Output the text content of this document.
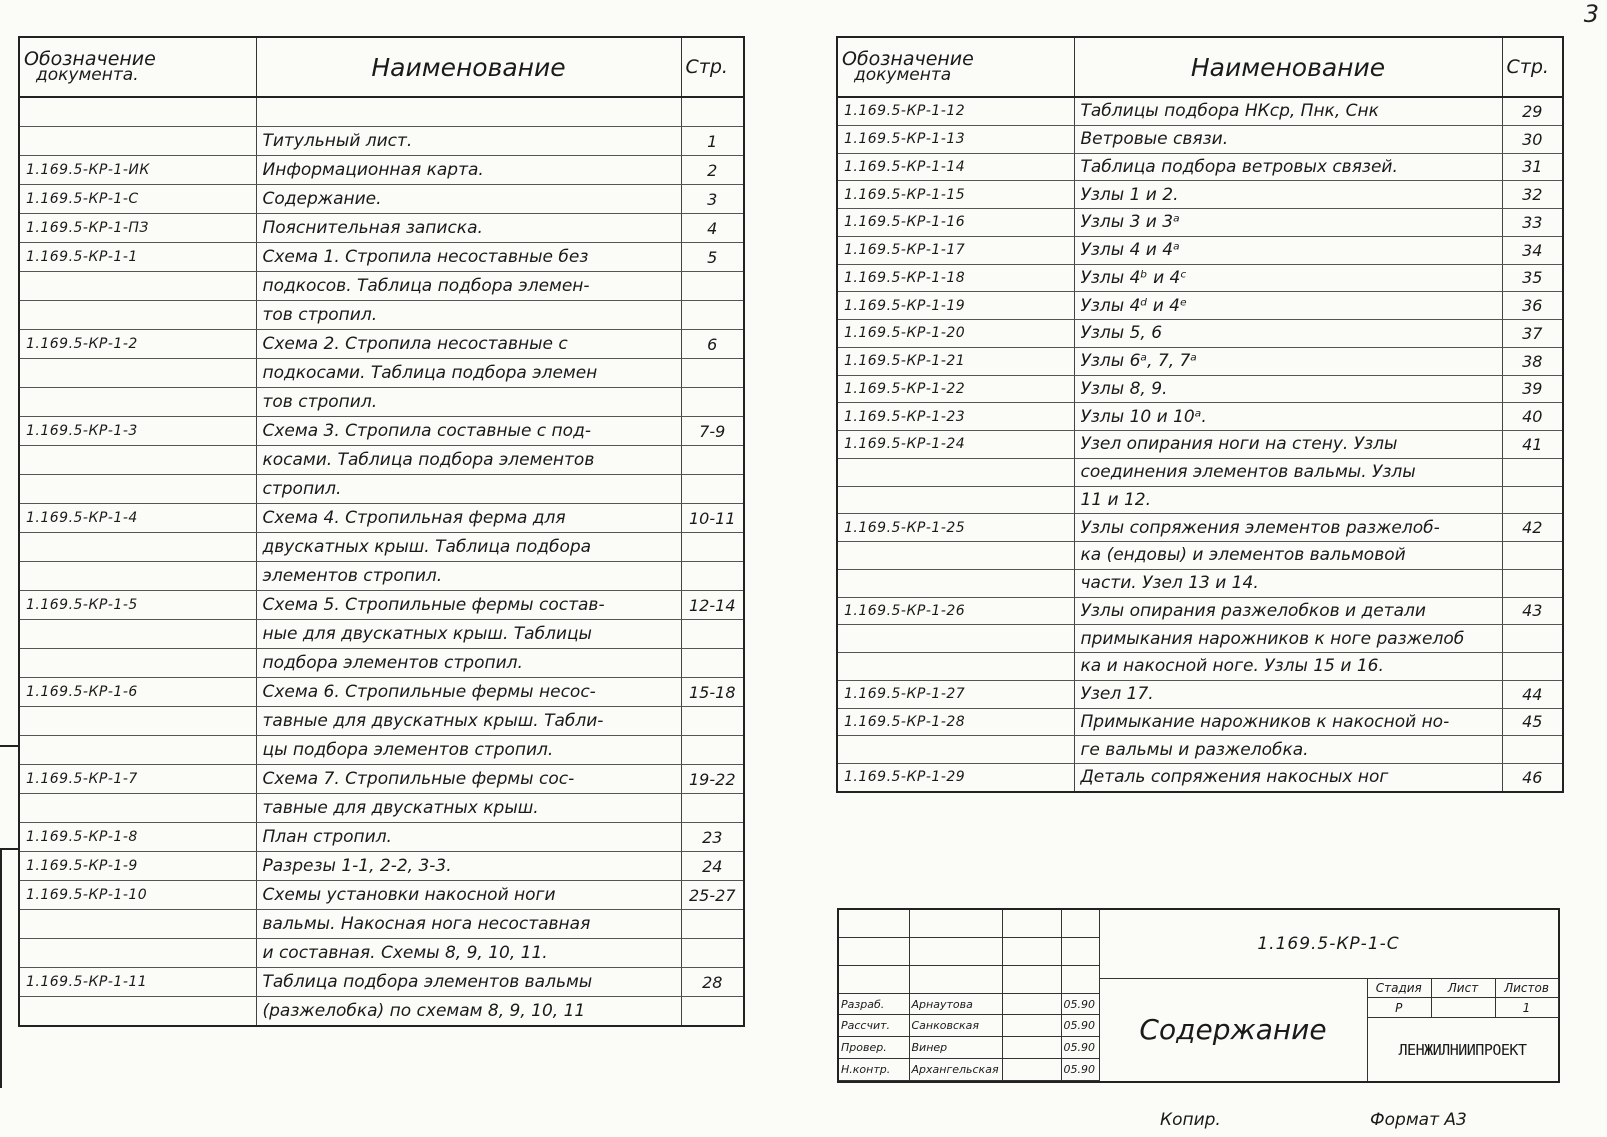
3
Обозначение
документа.	Наименование	Стр.

	Титульный лист.	1
1.169.5-КР-1-ИК	Информационная карта.	2
1.169.5-КР-1-С	Содержание.	3
1.169.5-КР-1-ПЗ	Пояснительная записка.	4
1.169.5-КР-1-1	Схема 1. Стропила несоставные без	5
	подкосов. Таблица подбора элемен-	
	тов стропил.	
1.169.5-КР-1-2	Схема 2. Стропила несоставные с	6
	подкосами. Таблица подбора элемен	
	тов стропил.	
1.169.5-КР-1-3	Схема 3. Стропила составные с под-	7-9
	косами. Таблица подбора элементов	
	стропил.	
1.169.5-КР-1-4	Схема 4. Стропильная ферма для	10-11
	двускатных крыш. Таблица подбора	
	элементов стропил.	
1.169.5-КР-1-5	Схема 5. Стропильные фермы состав-	12-14
	ные для двускатных крыш. Таблицы	
	подбора элементов стропил.	
1.169.5-КР-1-6	Схема 6. Стропильные фермы несос-	15-18
	тавные для двускатных крыш. Табли-	
	цы подбора элементов стропил.	
1.169.5-КР-1-7	Схема 7. Стропильные фермы сос-	19-22
	тавные для двускатных крыш.	
1.169.5-КР-1-8	План стропил.	23
1.169.5-КР-1-9	Разрезы 1-1, 2-2, 3-3.	24
1.169.5-КР-1-10	Схемы установки накосной ноги	25-27
	вальмы. Накосная нога несоставная	
	и составная. Схемы 8, 9, 10, 11.	
1.169.5-КР-1-11	Таблица подбора элементов вальмы	28
	(разжелобка) по схемам 8, 9, 10, 11	
Обозначение
документа	Наименование	Стр.
1.169.5-КР-1-12	Таблицы подбора НКср, Пнк, Снк	29
1.169.5-КР-1-13	Ветровые связи.	30
1.169.5-КР-1-14	Таблица подбора ветровых связей.	31
1.169.5-КР-1-15	Узлы 1 и 2.	32
1.169.5-КР-1-16	Узлы 3 и 3ᵃ	33
1.169.5-КР-1-17	Узлы 4 и 4ᵃ	34
1.169.5-КР-1-18	Узлы 4ᵇ и 4ᶜ	35
1.169.5-КР-1-19	Узлы 4ᵈ и 4ᵉ	36
1.169.5-КР-1-20	Узлы 5, 6	37
1.169.5-КР-1-21	Узлы 6ᵃ, 7, 7ᵃ	38
1.169.5-КР-1-22	Узлы 8, 9.	39
1.169.5-КР-1-23	Узлы 10 и 10ᵃ.	40
1.169.5-КР-1-24	Узел опирания ноги на стену. Узлы	41
	соединения элементов вальмы. Узлы	
	11 и 12.	
1.169.5-КР-1-25	Узлы сопряжения элементов разжелоб-	42
	ка (ендовы) и элементов вальмовой	
	части. Узел 13 и 14.	
1.169.5-КР-1-26	Узлы опирания разжелобков и детали	43
	примыкания нарожников к ноге разжелоб	
	ка и накосной ноге. Узлы 15 и 16.	
1.169.5-КР-1-27	Узел 17.	44
1.169.5-КР-1-28	Примыкание нарожников к накосной но-	45
	ге вальмы и разжелобка.	
1.169.5-КР-1-29	Деталь сопряжения накосных ног	46

Разраб.	Арнаутова		05.90
Рассчит.	Санковская		05.90
Провер.	Винер		05.90
Н.контр.	Архангельская		05.90
1.169.5-КР-1-С
Содержание
Стадия	Лист	Листов
Р		1
ЛЕНЖИЛНИИПРОЕКТ
Копир.	Формат А3
